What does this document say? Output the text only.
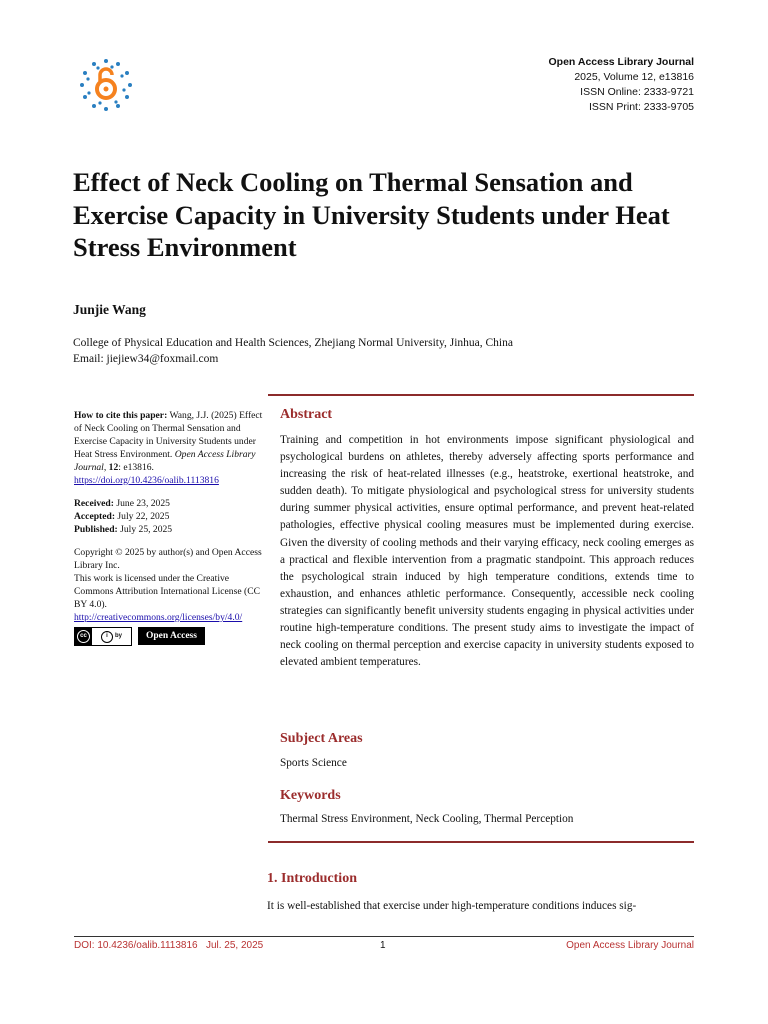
Open Access Library Journal
2025, Volume 12, e13816
ISSN Online: 2333-9721
ISSN Print: 2333-9705
Effect of Neck Cooling on Thermal Sensation and Exercise Capacity in University Students under Heat Stress Environment
Junjie Wang
College of Physical Education and Health Sciences, Zhejiang Normal University, Jinhua, China
Email: jiejiew34@foxmail.com

How to cite this paper: Wang, J.J. (2025) Effect of Neck Cooling on Thermal Sensation and Exercise Capacity in University Students under Heat Stress Environment. Open Access Library Journal, 12: e13816.

https://doi.org/10.4236/oalib.1113816

Received: June 23, 2025

Accepted: July 22, 2025

Published: July 25, 2025

Copyright © 2025 by author(s) and Open Access Library Inc.

This work is licensed under the Creative Commons Attribution International License (CC BY 4.0).

http://creativecommons.org/licenses/by/4.0/

cc	i	by	Open Access
Abstract

Training and competition in hot environments impose significant physiological and psychological burdens on athletes, thereby adversely affecting sports performance and increasing the risk of heat-related illnesses (e.g., heatstroke, exertional heatstroke, and sudden death). To mitigate physiological and psychological stress for university students during summer physical activities, ensure optimal performance, and prevent heat-related pathologies, effective physical cooling measures must be implemented during exercise. Given the diversity of cooling methods and their varying efficacy, neck cooling emerges as a practical and flexible intervention from a pragmatic standpoint. This approach reduces the psychological strain induced by high temperature conditions, extends time to exhaustion, and enhances athletic performance. Consequently, accessible neck cooling strategies can significantly benefit university students engaging in physical activities under routine high-temperature conditions. The present study aims to investigate the impact of neck cooling on thermal perception and exercise capacity in university students exposed to elevated ambient temperatures.

Subject Areas

Sports Science

Keywords

Thermal Stress Environment, Neck Cooling, Thermal Perception

1. Introduction

It is well-established that exercise under high-temperature conditions induces sig-

DOI: 10.4236/oalib.1113816 Jul. 25, 2025	1	Open Access Library Journal
